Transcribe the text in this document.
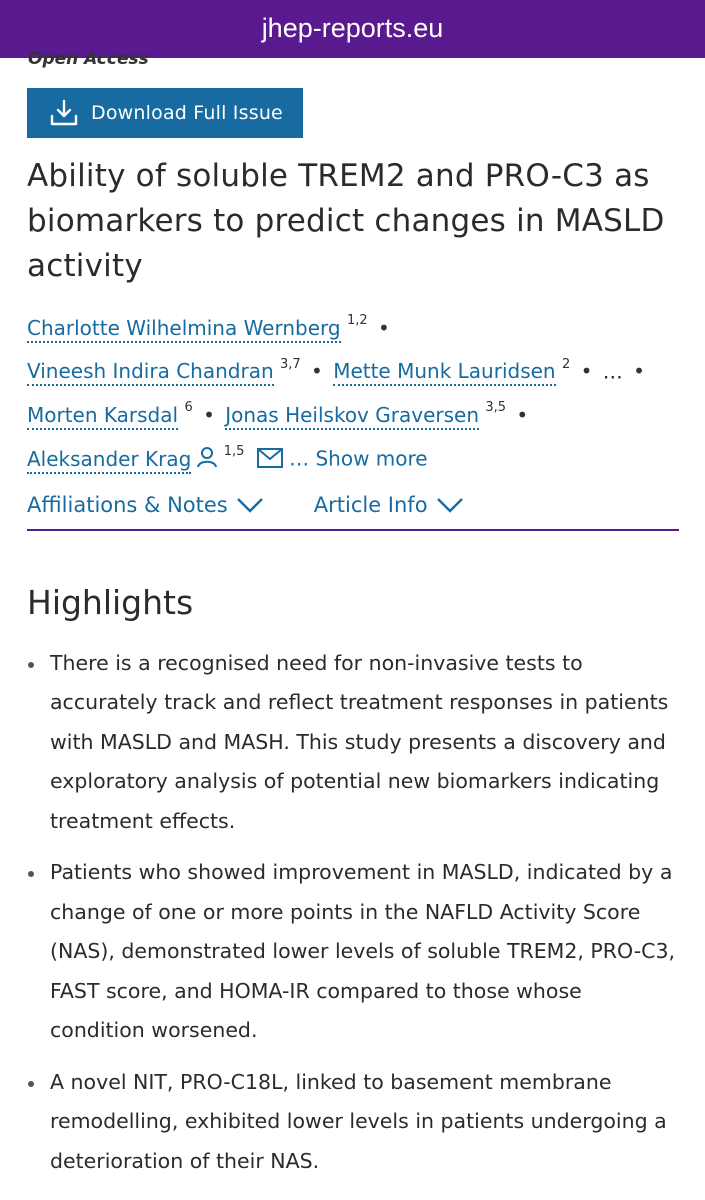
jhep-reports.eu
Open Access
Download Full Issue
Ability of soluble TREM2 and PRO-C3 as biomarkers to predict changes in MASLD activity
Charlotte Wilhelmina Wernberg $^{1,2}$ •
Vineesh Indira Chandran $^{3,7}$ • Mette Munk Lauridsen $^2$ • … •
Morten Karsdal $^6$ • Jonas Heilskov Graversen $^{3,5}$ •
Aleksander Krag $^{1,5}$ … Show more
Affiliations & Notes	Article Info
Highlights
There is a recognised need for non-invasive tests to accurately track and reflect treatment responses in patients with MASLD and MASH. This study presents a discovery and exploratory analysis of potential new biomarkers indicating treatment effects.
Patients who showed improvement in MASLD, indicated by a change of one or more points in the NAFLD Activity Score (NAS), demonstrated lower levels of soluble TREM2, PRO-C3, FAST score, and HOMA-IR compared to those whose condition worsened.
A novel NIT, PRO-C18L, linked to basement membrane remodelling, exhibited lower levels in patients undergoing a deterioration of their NAS.
